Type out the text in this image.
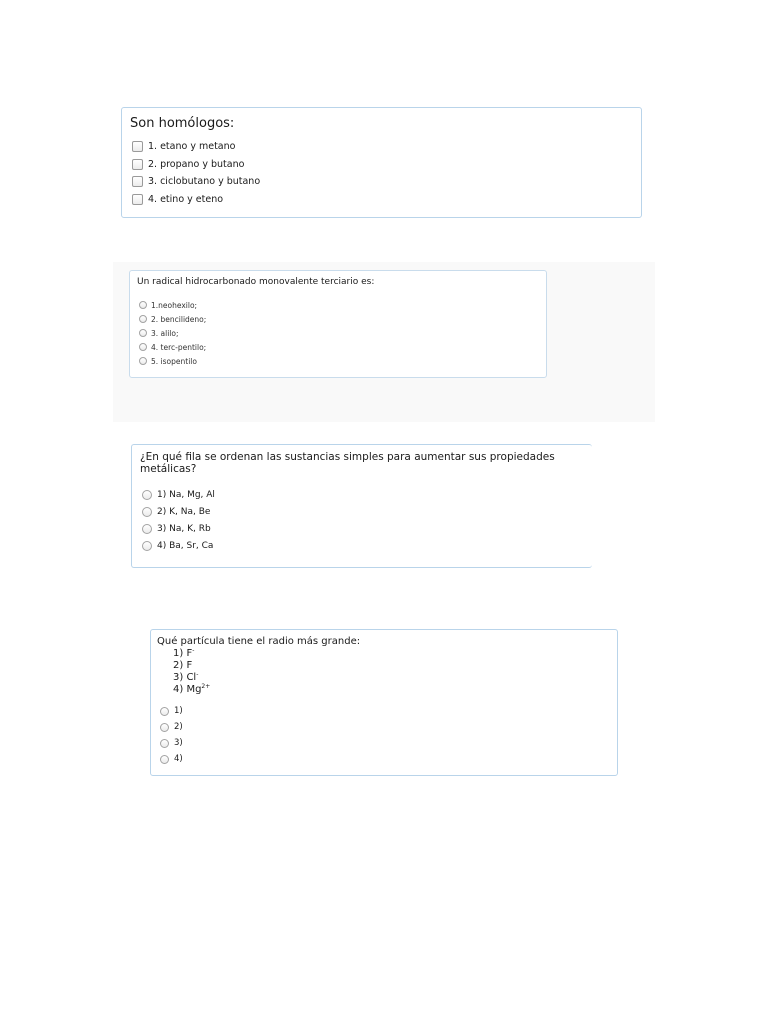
Son homólogos:
1. etano y metano
2. propano y butano
3. ciclobutano y butano
4. etino y eteno
Un radical hidrocarbonado monovalente terciario es:
1.neohexilo;
2. bencilideno;
3. alilo;
4. terc-pentilo;
5. isopentilo
¿En qué fila se ordenan las sustancias simples para aumentar sus propiedades metálicas?
1) Na, Mg, Al
2) K, Na, Be
3) Na, K, Rb
4) Ba, Sr, Ca
Qué partícula tiene el radio más grande:
1) F-
2) F
3) Cl-
4) $Mg^{2+}$
1)
2)
3)
4)
